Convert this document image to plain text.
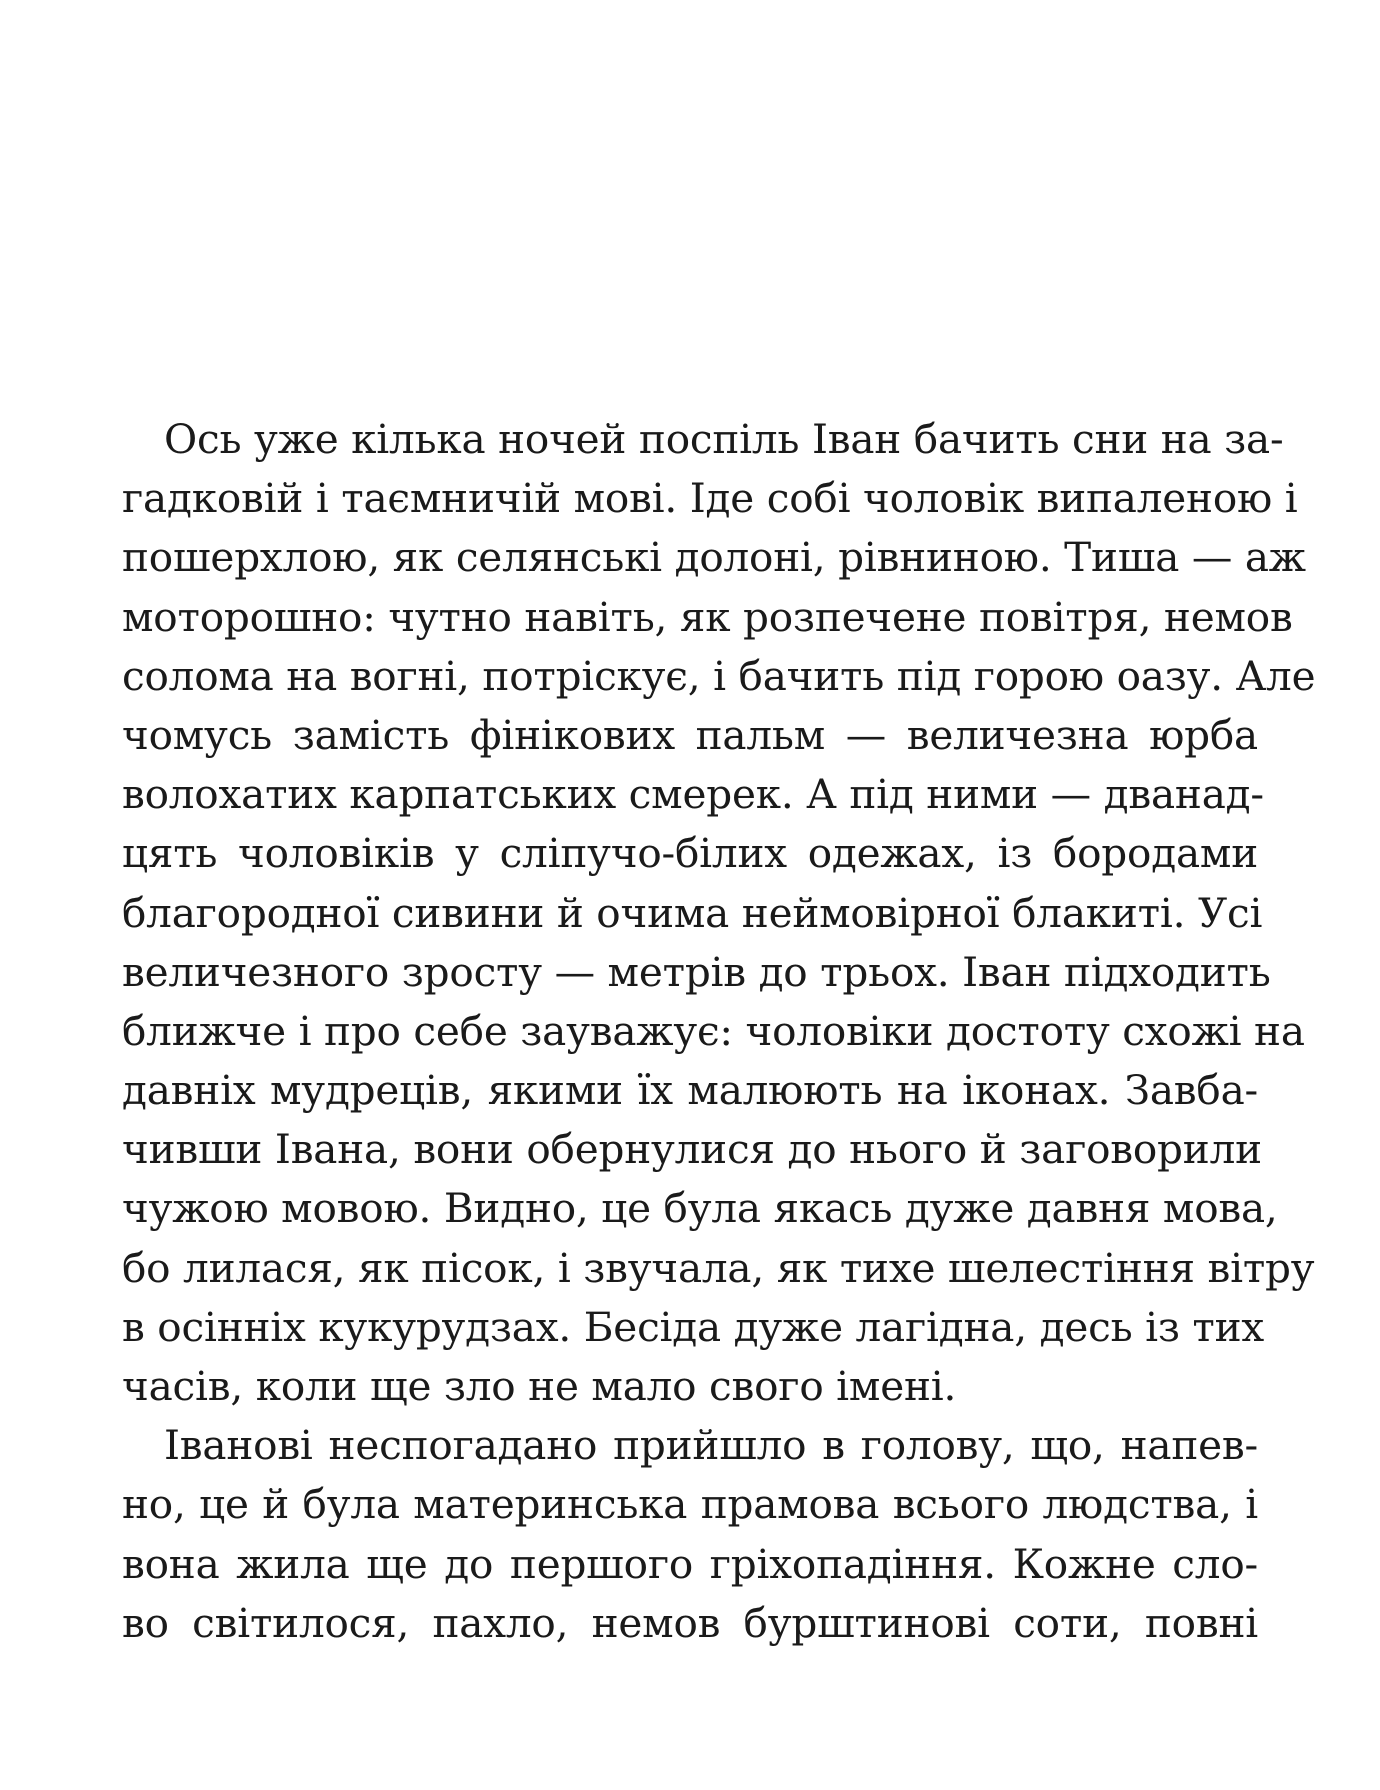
Ось уже кілька ночей поспіль Іван бачить сни на за-
гадковій і таємничій мові. Іде собі чоловік випаленою і
пошерхлою, як селянські долоні, рівниною. Тиша — аж
моторошно: чутно навіть, як розпечене повітря, немов
солома на вогні, потріскує, і бачить під горою оазу. Але
чомусь замість фінікових пальм — величезна юрба
волохатих карпатських смерек. А під ними — дванад-
цять чоловіків у сліпучо-білих одежах, із бородами
благородної сивини й очима неймовірної блакиті. Усі
величезного зросту — метрів до трьох. Іван підходить
ближче і про себе зауважує: чоловіки достоту схожі на
давніх мудреців, якими їх малюють на іконах. Завба-
чивши Івана, вони обернулися до нього й заговорили
чужою мовою. Видно, це була якась дуже давня мова,
бо лилася, як пісок, і звучала, як тихе шелестіння вітру
в осінніх кукурудзах. Бесіда дуже лагідна, десь із тих
часів, коли ще зло не мало свого імені.
Іванові неспогадано прийшло в голову, що, напев-
но, це й була материнська прамова всього людства, і
вона жила ще до першого гріхопадіння. Кожне сло-
во світилося, пахло, немов бурштинові соти, повні
